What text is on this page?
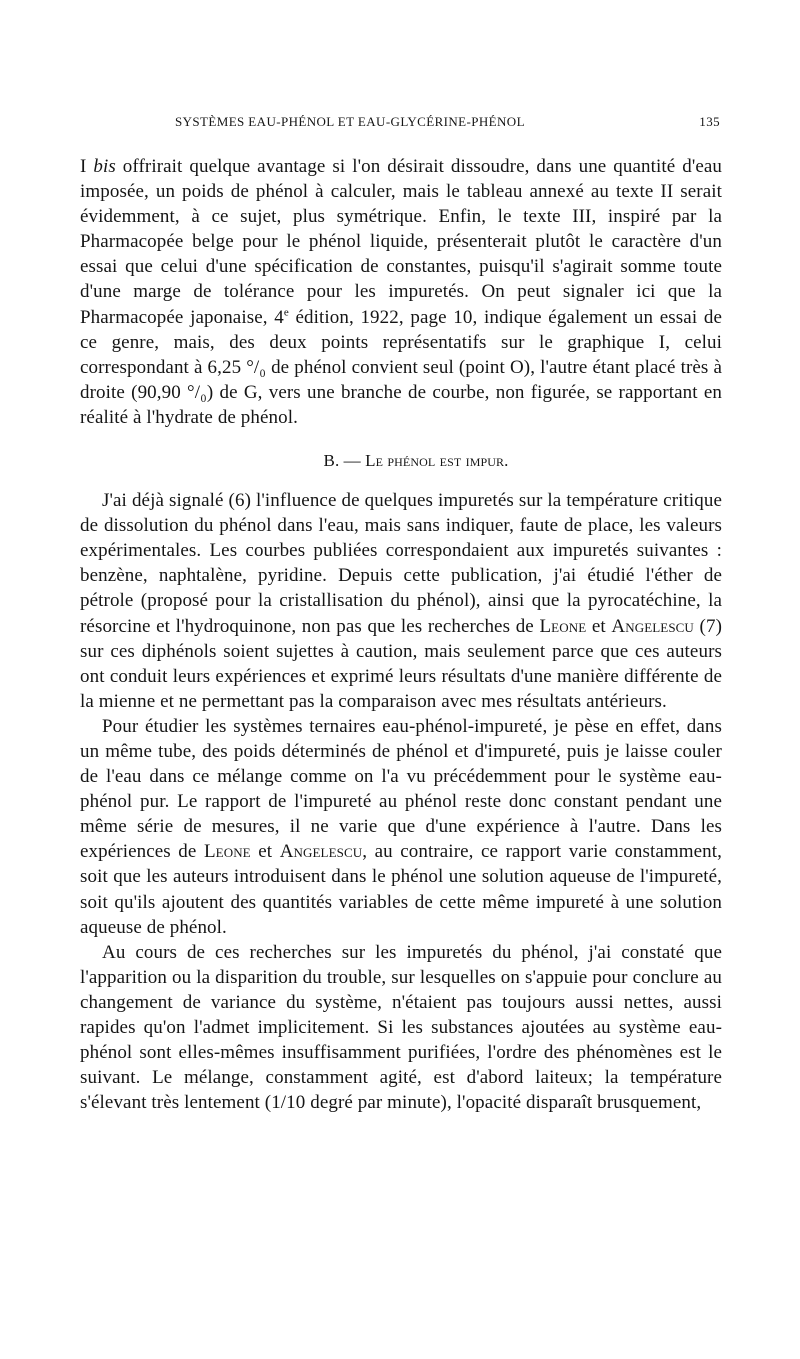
SYSTÈMES EAU-PHÉNOL ET EAU-GLYCÉRINE-PHÉNOL	135

I bis offrirait quelque avantage si l'on désirait dissoudre, dans une quantité d'eau imposée, un poids de phénol à calculer, mais le tableau annexé au texte II serait évidemment, à ce sujet, plus symétrique. Enfin, le texte III, inspiré par la Pharmacopée belge pour le phénol liquide, présenterait plutôt le caractère d'un essai que celui d'une spécification de constantes, puisqu'il s'agirait somme toute d'une marge de tolérance pour les impuretés. On peut signaler ici que la Pharmacopée japonaise, 4e édition, 1922, page 10, indique également un essai de ce genre, mais, des deux points représentatifs sur le graphique I, celui correspondant à 6,25 °/₀ de phénol convient seul (point O), l'autre étant placé très à droite (90,90 °/₀) de G, vers une branche de courbe, non figurée, se rapportant en réalité à l'hydrate de phénol.

B. — Le phénol est impur.

J'ai déjà signalé (6) l'influence de quelques impuretés sur la température critique de dissolution du phénol dans l'eau, mais sans indiquer, faute de place, les valeurs expérimentales. Les courbes publiées correspondaient aux impuretés suivantes : benzène, naphtalène, pyridine. Depuis cette publication, j'ai étudié l'éther de pétrole (proposé pour la cristallisation du phénol), ainsi que la pyrocatéchine, la résorcine et l'hydroquinone, non pas que les recherches de Leone et Angelescu (7) sur ces diphénols soient sujettes à caution, mais seulement parce que ces auteurs ont conduit leurs expériences et exprimé leurs résultats d'une manière différente de la mienne et ne permettant pas la comparaison avec mes résultats antérieurs.

Pour étudier les systèmes ternaires eau-phénol-impureté, je pèse en effet, dans un même tube, des poids déterminés de phénol et d'impureté, puis je laisse couler de l'eau dans ce mélange comme on l'a vu précédemment pour le système eau-phénol pur. Le rapport de l'impureté au phénol reste donc constant pendant une même série de mesures, il ne varie que d'une expérience à l'autre. Dans les expériences de Leone et Angelescu, au contraire, ce rapport varie constamment, soit que les auteurs introduisent dans le phénol une solution aqueuse de l'impureté, soit qu'ils ajoutent des quantités variables de cette même impureté à une solution aqueuse de phénol.

Au cours de ces recherches sur les impuretés du phénol, j'ai constaté que l'apparition ou la disparition du trouble, sur lesquelles on s'appuie pour conclure au changement de variance du système, n'étaient pas toujours aussi nettes, aussi rapides qu'on l'admet implicitement. Si les substances ajoutées au système eau-phénol sont elles-mêmes insuffisamment purifiées, l'ordre des phénomènes est le suivant. Le mélange, constamment agité, est d'abord laiteux; la température s'élevant très lentement (1/10 degré par minute), l'opacité disparaît brusquement,
